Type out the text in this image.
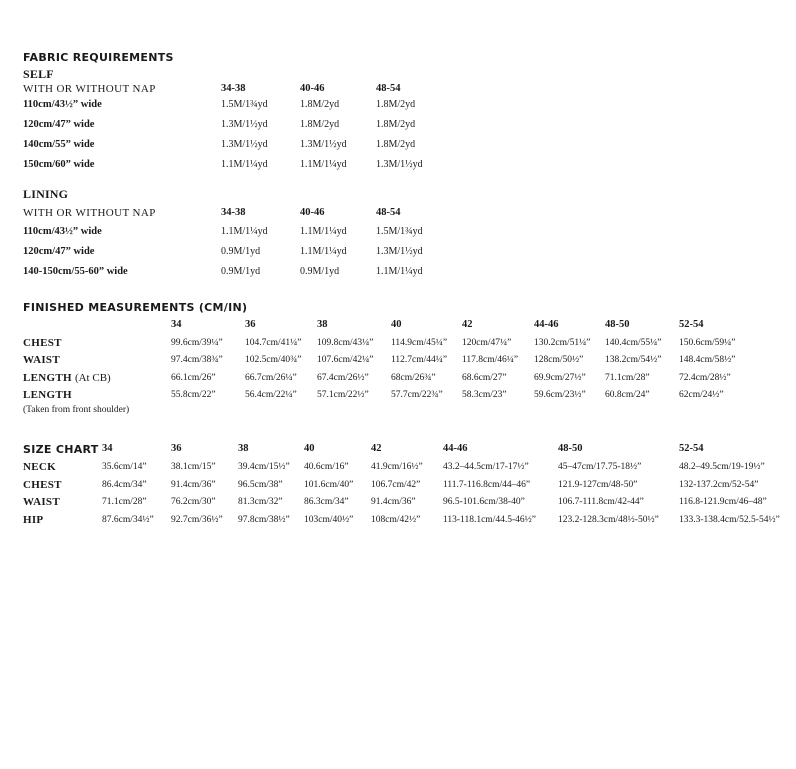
FABRIC REQUIREMENTS
SELF
WITH OR WITHOUT NAP	34-38	40-46	48-54
110cm/43½” wide	1.5M/1¾yd	1.8M/2yd	1.8M/2yd
120cm/47” wide	1.3M/1½yd	1.8M/2yd	1.8M/2yd
140cm/55” wide	1.3M/1½yd	1.3M/1½yd	1.8M/2yd
150cm/60” wide	1.1M/1¼yd	1.1M/1¼yd	1.3M/1½yd
LINING
WITH OR WITHOUT NAP	34-38	40-46	48-54
110cm/43½” wide	1.1M/1¼yd	1.1M/1¼yd	1.5M/1¾yd
120cm/47” wide	0.9M/1yd	1.1M/1¼yd	1.3M/1½yd
140-150cm/55-60” wide	0.9M/1yd	0.9M/1yd	1.1M/1¼yd
FINISHED MEASUREMENTS (CM/IN)
34	36	38	40	42	44-46	48-50	52-54
CHEST	99.6cm/39¼” 104.7cm/41¼” 109.8cm/43¼” 114.9cm/45¼” 120cm/47¼” 130.2cm/51¼” 140.4cm/55¼” 150.6cm/59¼”
WAIST	97.4cm/38¾” 102.5cm/40¾” 107.6cm/42¼” 112.7cm/44¼” 117.8cm/46¼” 128cm/50½” 138.2cm/54½” 148.4cm/58½”
LENGTH (At CB)	66.1cm/26”	66.7cm/26¼” 67.4cm/26½” 68cm/26¾”	68.6cm/27”	69.9cm/27½” 71.1cm/28”	72.4cm/28½”
LENGTH
(Taken from front shoulder)
55.8cm/22”	56.4cm/22¼” 57.1cm/22½” 57.7cm/22¾” 58.3cm/23”	59.6cm/23½” 60.8cm/24”	62cm/24½”
SIZE CHART 34	36	38	40	42	44-46	48-50	52-54
NECK	35.6cm/14”	38.1cm/15” 39.4cm/15½” 40.6cm/16” 41.9cm/16½” 43.2–44.5cm/17-17½”	45–47cm/17.75-18½”	48.2–49.5cm/19-19½”
CHEST	86.4cm/34”	91.4cm/36” 96.5cm/38” 101.6cm/40” 106.7cm/42” 111.7-116.8cm/44–46”	121.9-127cm/48-50”	132-137.2cm/52-54”
WAIST	71.1cm/28”	76.2cm/30” 81.3cm/32” 86.3cm/34” 91.4cm/36”	96.5-101.6cm/38-40”	106.7-111.8cm/42-44”	116.8-121.9cm/46–48”
HIP	87.6cm/34½” 92.7cm/36½” 97.8cm/38½” 103cm/40½” 108cm/42½” 113-118.1cm/44.5-46½” 123.2-128.3cm/48½-50½” 133.3-138.4cm/52.5-54½”
